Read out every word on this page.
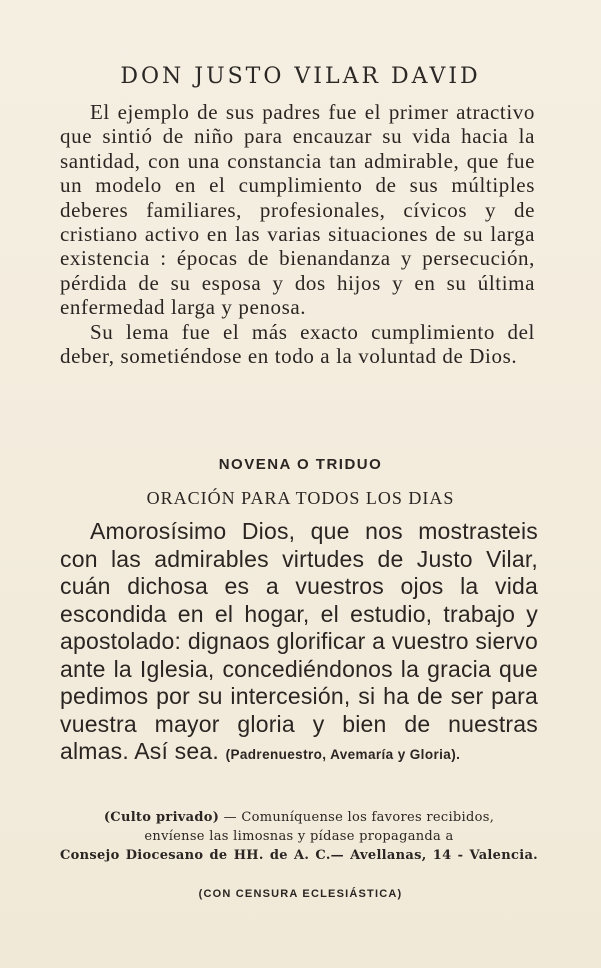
DON JUSTO VILAR DAVID

El ejemplo de sus padres fue el primer atractivo que sintió de niño para encauzar su vida hacia la santidad, con una constancia tan admirable, que fue un modelo en el cumplimiento de sus múltiples deberes familiares, profesionales, cívicos y de cristiano activo en las varias situaciones de su larga existencia : épocas de bienandanza y persecución, pérdida de su esposa y dos hijos y en su última enfermedad larga y penosa.

Su lema fue el más exacto cumplimiento del deber, sometiéndose en todo a la voluntad de Dios.

NOVENA O TRIDUO
ORACIÓN PARA TODOS LOS DIAS
Amorosísimo Dios, que nos mostrasteis con las admirables virtudes de Justo Vilar, cuán dichosa es a vuestros ojos la vida escondida en el hogar, el estudio, trabajo y apostolado: dignaos glorificar a vuestro siervo ante la Iglesia, concediéndonos la gracia que pedimos por su intercesión, si ha de ser para vuestra mayor gloria y bien de nuestras almas. Así sea. (Padrenuestro, Avemaría y Gloria).
(Culto privado) — Comuníquense los favores recibidos,
envíense las limosnas y pídase propaganda a
Consejo Diocesano de HH. de A. C.— Avellanas, 14 - Valencia.
(CON CENSURA ECLESIÁSTICA)
